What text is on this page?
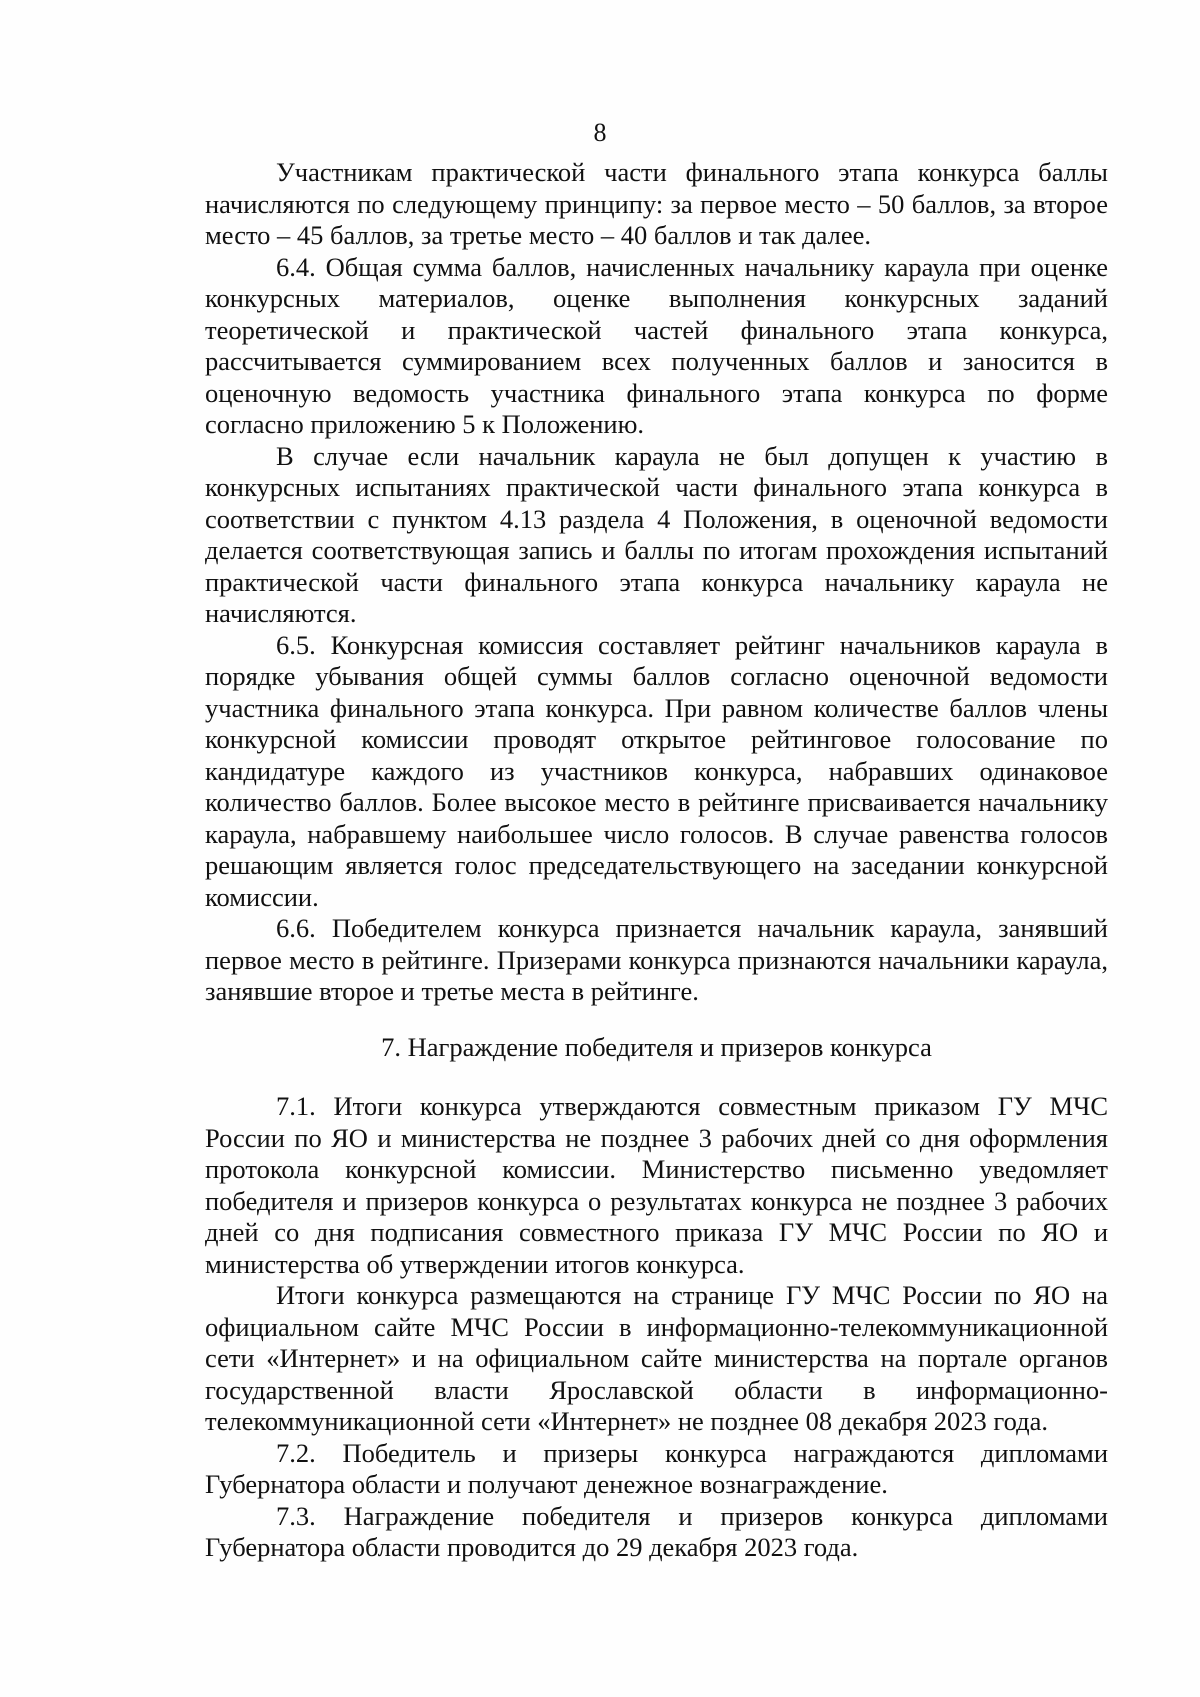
8

Участникам практической части финального этапа конкурса баллы начисляются по следующему принципу: за первое место – 50 баллов, за второе место – 45 баллов, за третье место – 40 баллов и так далее.

6.4. Общая сумма баллов, начисленных начальнику караула при оценке конкурсных материалов, оценке выполнения конкурсных заданий теоретической и практической частей финального этапа конкурса, рассчитывается суммированием всех полученных баллов и заносится в оценочную ведомость участника финального этапа конкурса по форме согласно приложению 5 к Положению.

В случае если начальник караула не был допущен к участию в конкурсных испытаниях практической части финального этапа конкурса в соответствии с пунктом 4.13 раздела 4 Положения, в оценочной ведомости делается соответствующая запись и баллы по итогам прохождения испытаний практической части финального этапа конкурса начальнику караула не начисляются.

6.5. Конкурсная комиссия составляет рейтинг начальников караула в порядке убывания общей суммы баллов согласно оценочной ведомости участника финального этапа конкурса. При равном количестве баллов члены конкурсной комиссии проводят открытое рейтинговое голосование по кандидатуре каждого из участников конкурса, набравших одинаковое количество баллов. Более высокое место в рейтинге присваивается начальнику караула, набравшему наибольшее число голосов. В случае равенства голосов решающим является голос председательствующего на заседании конкурсной комиссии.

6.6. Победителем конкурса признается начальник караула, занявший первое место в рейтинге. Призерами конкурса признаются начальники караула, занявшие второе и третье места в рейтинге.

7. Награждение победителя и призеров конкурса

7.1. Итоги конкурса утверждаются совместным приказом ГУ МЧС России по ЯО и министерства не позднее 3 рабочих дней со дня оформления протокола конкурсной комиссии. Министерство письменно уведомляет победителя и призеров конкурса о результатах конкурса не позднее 3 рабочих дней со дня подписания совместного приказа ГУ МЧС России по ЯО и министерства об утверждении итогов конкурса.

Итоги конкурса размещаются на странице ГУ МЧС России по ЯО на официальном сайте МЧС России в информационно-телекоммуникационной сети «Интернет» и на официальном сайте министерства на портале органов государственной власти Ярославской области в информационно-телекоммуникационной сети «Интернет» не позднее 08 декабря 2023 года.

7.2. Победитель и призеры конкурса награждаются дипломами Губернатора области и получают денежное вознаграждение.

7.3. Награждение победителя и призеров конкурса дипломами Губернатора области проводится до 29 декабря 2023 года.
